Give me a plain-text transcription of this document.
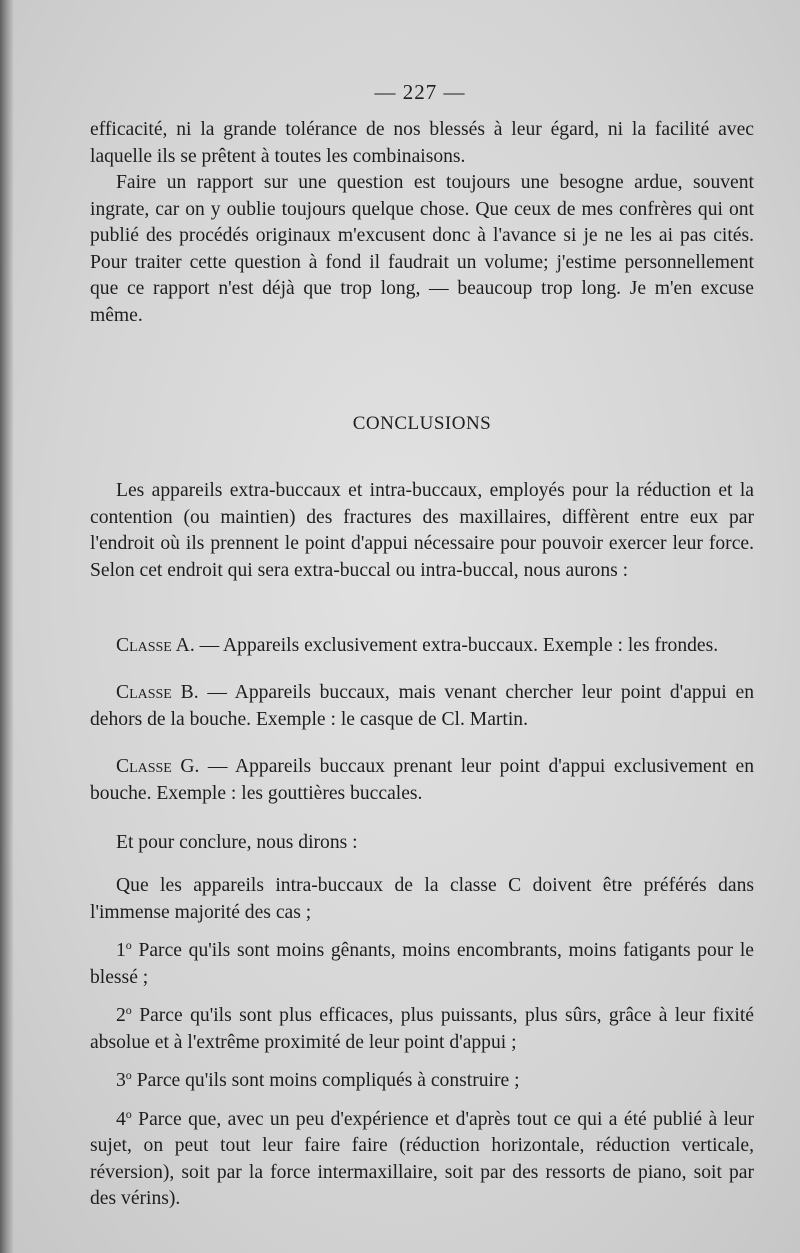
— 227 —

efficacité, ni la grande tolérance de nos blessés à leur égard, ni la facilité avec laquelle ils se prêtent à toutes les combinaisons.

Faire un rapport sur une question est toujours une besogne ardue, souvent ingrate, car on y oublie toujours quelque chose. Que ceux de mes confrères qui ont publié des procédés originaux m'excusent donc à l'avance si je ne les ai pas cités. Pour traiter cette question à fond il faudrait un volume; j'estime personnellement que ce rapport n'est déjà que trop long, — beaucoup trop long. Je m'en excuse même.

CONCLUSIONS

Les appareils extra-buccaux et intra-buccaux, employés pour la réduction et la contention (ou maintien) des fractures des maxillaires, diffèrent entre eux par l'endroit où ils prennent le point d'appui nécessaire pour pouvoir exercer leur force. Selon cet endroit qui sera extra-buccal ou intra-buccal, nous aurons :

Classe A. — Appareils exclusivement extra-buccaux. Exemple : les frondes.

Classe B. — Appareils buccaux, mais venant chercher leur point d'appui en dehors de la bouche. Exemple : le casque de Cl. Martin.

Classe G. — Appareils buccaux prenant leur point d'appui exclusivement en bouche. Exemple : les gouttières buccales.

Et pour conclure, nous dirons :

Que les appareils intra-buccaux de la classe C doivent être préférés dans l'immense majorité des cas ;

1$^o$ Parce qu'ils sont moins gênants, moins encombrants, moins fatigants pour le blessé ;

2$^o$ Parce qu'ils sont plus efficaces, plus puissants, plus sûrs, grâce à leur fixité absolue et à l'extrême proximité de leur point d'appui ;

3$^o$ Parce qu'ils sont moins compliqués à construire ;

4$^o$ Parce que, avec un peu d'expérience et d'après tout ce qui a été publié à leur sujet, on peut tout leur faire faire (réduction horizontale, réduction verticale, réversion), soit par la force intermaxillaire, soit par des ressorts de piano, soit par des vérins).
